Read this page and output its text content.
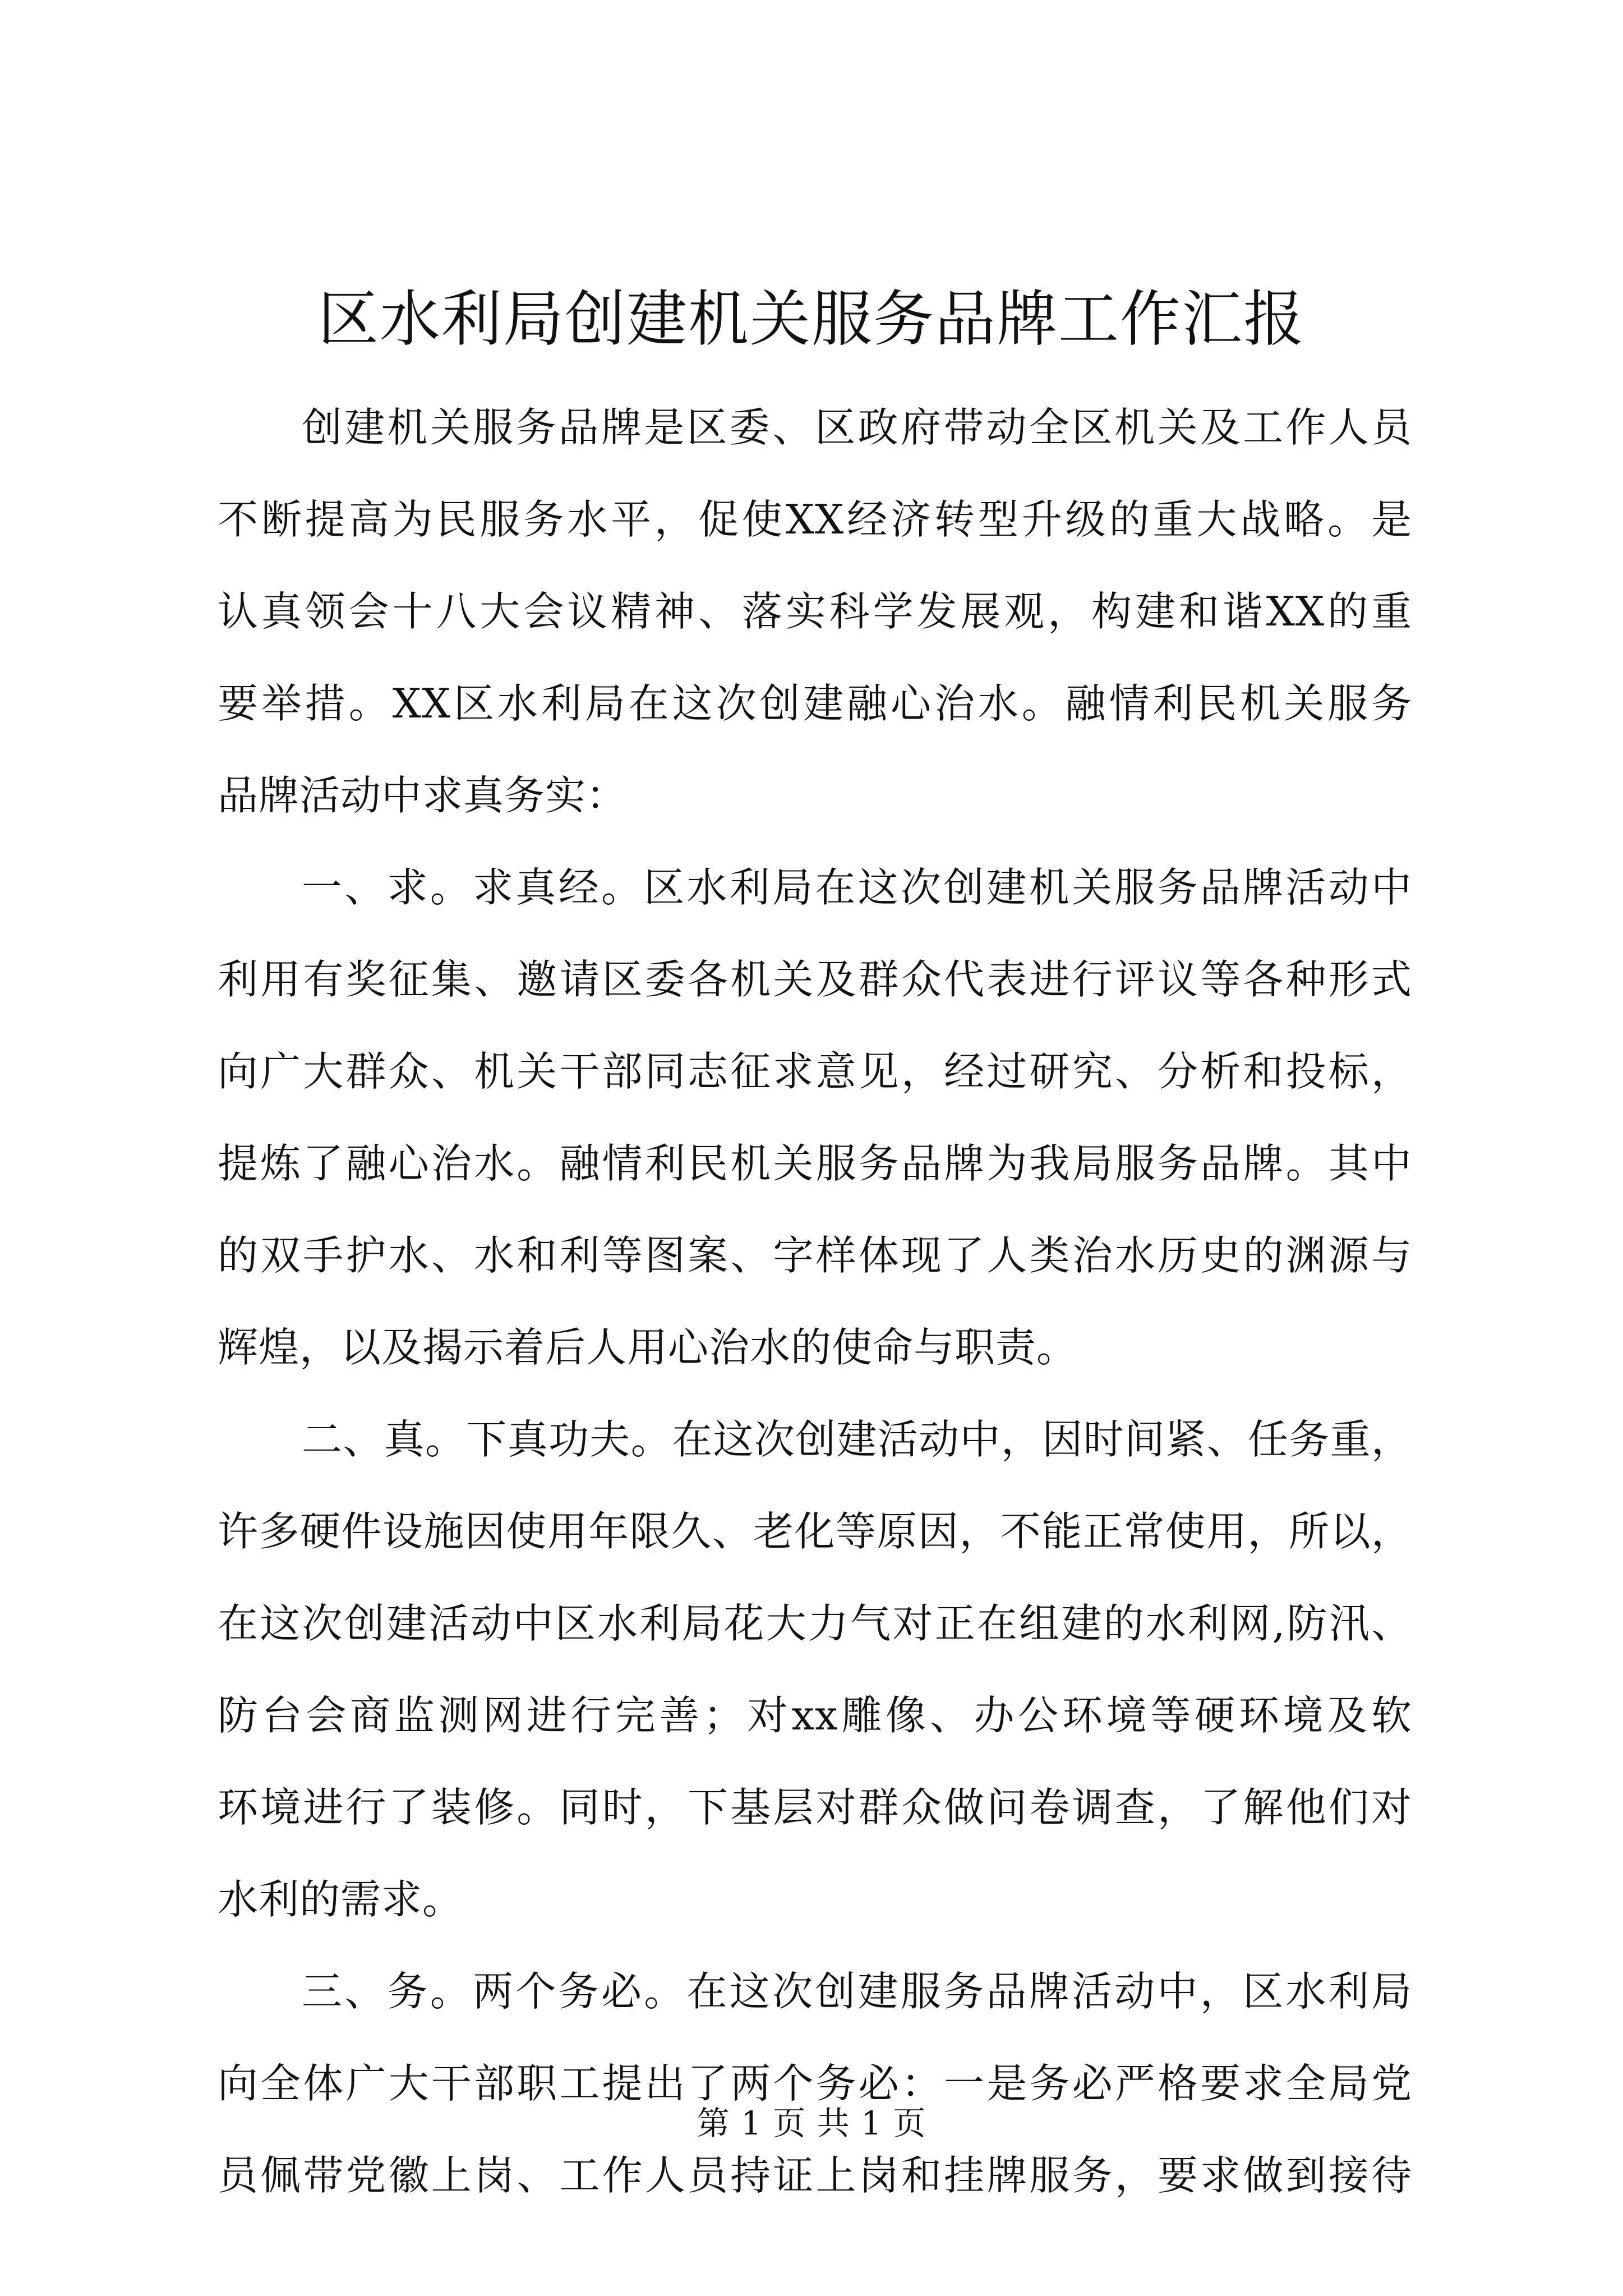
区水利局创建机关服务品牌工作汇报
创建机关服务品牌是区委、区政府带动全区机关及工作人员
不断提高为民服务水平，促使XX经济转型升级的重大战略。是
认真领会十八大会议精神、落实科学发展观，构建和谐XX的重
要举措。XX区水利局在这次创建融心治水。融情利民机关服务
品牌活动中求真务实：
一、求。求真经。区水利局在这次创建机关服务品牌活动中
利用有奖征集、邀请区委各机关及群众代表进行评议等各种形式
向广大群众、机关干部同志征求意见，经过研究、分析和投标，
提炼了融心治水。融情利民机关服务品牌为我局服务品牌。其中
的双手护水、水和利等图案、字样体现了人类治水历史的渊源与
辉煌，以及揭示着后人用心治水的使命与职责。
二、真。下真功夫。在这次创建活动中，因时间紧、任务重，
许多硬件设施因使用年限久、老化等原因，不能正常使用，所以，
在这次创建活动中区水利局花大力气对正在组建的水利网,防汛、
防台会商监测网进行完善；对xx雕像、办公环境等硬环境及软
环境进行了装修。同时，下基层对群众做问卷调查，了解他们对
水利的需求。
三、务。两个务必。在这次创建服务品牌活动中，区水利局
向全体广大干部职工提出了两个务必：一是务必严格要求全局党
员佩带党徽上岗、工作人员持证上岗和挂牌服务，要求做到接待
第 1 页 共 1 页
